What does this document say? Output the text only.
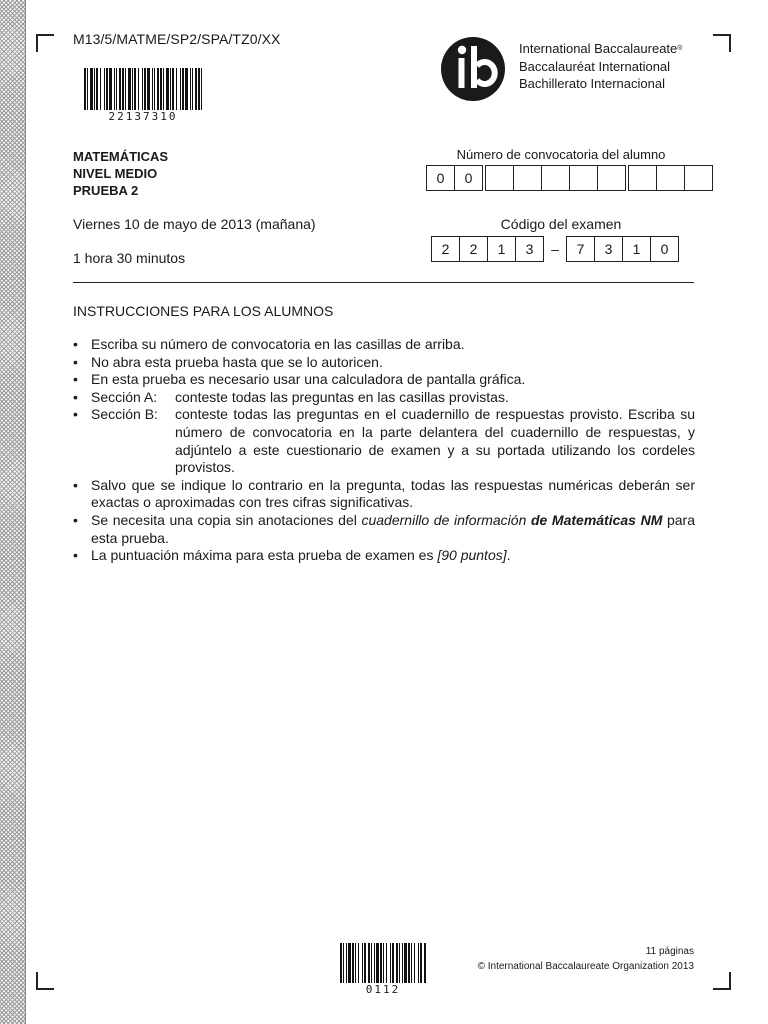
M13/5/MATME/SP2/SPA/TZ0/XX
22137310
International Baccalaureate®
Baccalauréat International
Bachillerato Internacional
MATEMÁTICAS
NIVEL MEDIO
PRUEBA 2
Número de convocatoria del alumno
0	0
Código del examen
2	2	1	3	–	7	3	1	0
Viernes 10 de mayo de 2013 (mañana)
1 hora 30 minutos
INSTRUCCIONES PARA LOS ALUMNOS
• Escriba su número de convocatoria en las casillas de arriba.
• No abra esta prueba hasta que se lo autoricen.
• En esta prueba es necesario usar una calculadora de pantalla gráfica.
• Sección A:	conteste todas las preguntas en las casillas provistas.
• Sección B:	conteste todas las preguntas en el cuadernillo de respuestas provisto. Escriba su número de convocatoria en la parte delantera del cuadernillo de respuestas, y adjúntelo a este cuestionario de examen y a su portada utilizando los cordeles provistos.
• Salvo que se indique lo contrario en la pregunta, todas las respuestas numéricas deberán ser exactas o aproximadas con tres cifras significativas.
• Se necesita una copia sin anotaciones del cuadernillo de información de Matemáticas NM para esta prueba.
• La puntuación máxima para esta prueba de examen es [90 puntos].
0112
11 páginas
© International Baccalaureate Organization 2013
